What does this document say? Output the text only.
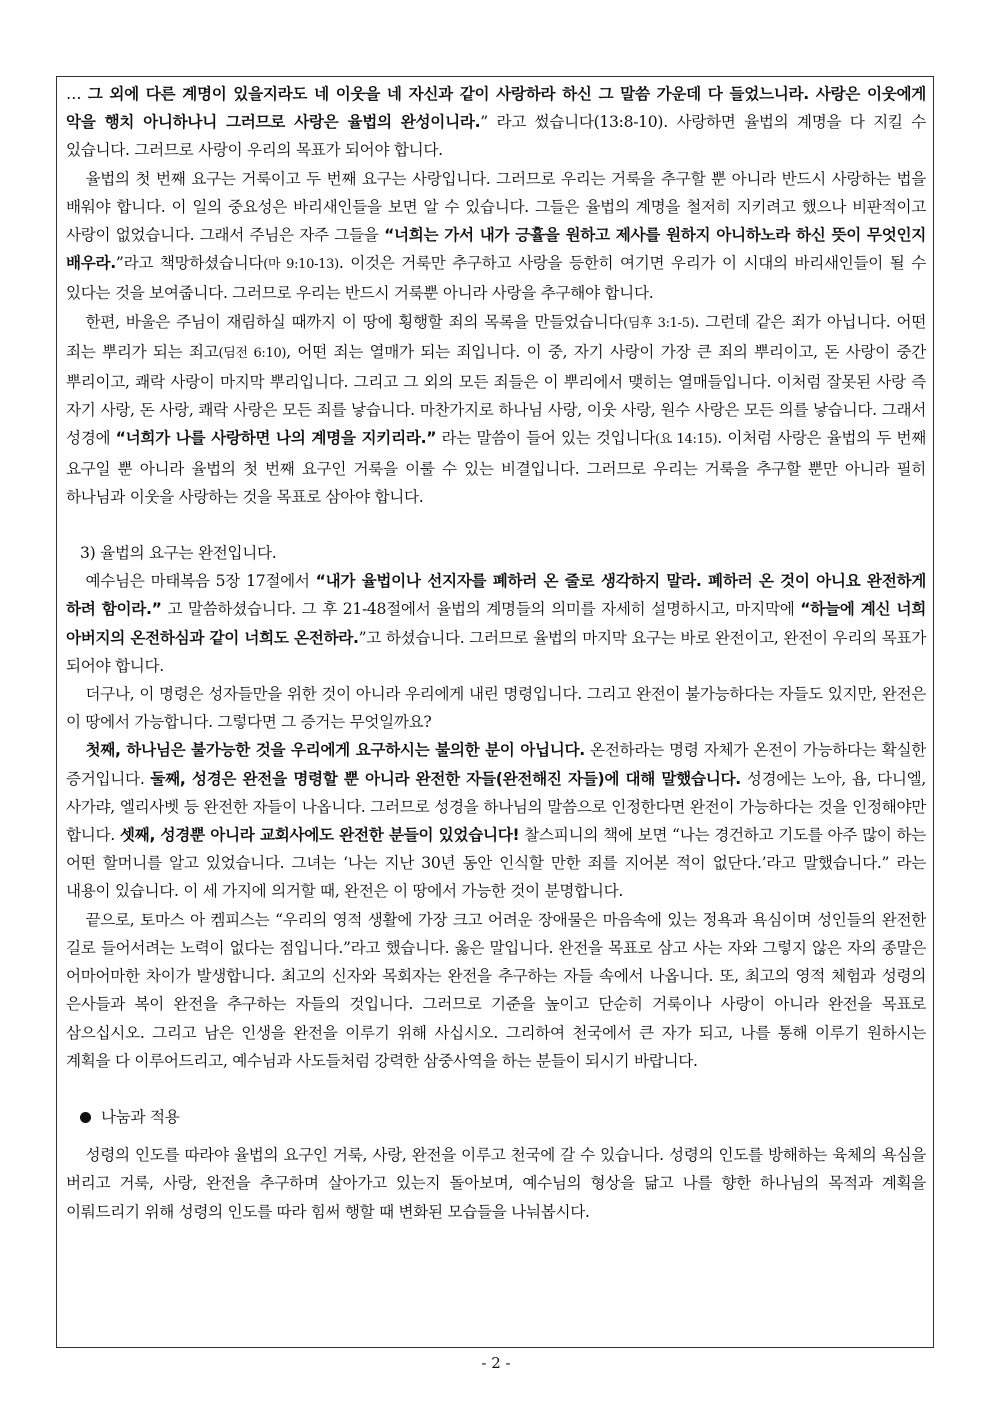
… 그 외에 다른 계명이 있을지라도 네 이웃을 네 자신과 같이 사랑하라 하신 그 말씀 가운데 다 들었느니라. 사랑은 이웃에게 악을 행치 아니하나니 그러므로 사랑은 율법의 완성이니라.” 라고 썼습니다(13:8-10). 사랑하면 율법의 계명을 다 지킬 수 있습니다. 그러므로 사랑이 우리의 목표가 되어야 합니다.

율법의 첫 번째 요구는 거룩이고 두 번째 요구는 사랑입니다. 그러므로 우리는 거룩을 추구할 뿐 아니라 반드시 사랑하는 법을 배워야 합니다. 이 일의 중요성은 바리새인들을 보면 알 수 있습니다. 그들은 율법의 계명을 철저히 지키려고 했으나 비판적이고 사랑이 없었습니다. 그래서 주님은 자주 그들을 “너희는 가서 내가 긍휼을 원하고 제사를 원하지 아니하노라 하신 뜻이 무엇인지 배우라.”라고 책망하셨습니다(마 9:10-13). 이것은 거룩만 추구하고 사랑을 등한히 여기면 우리가 이 시대의 바리새인들이 될 수 있다는 것을 보여줍니다. 그러므로 우리는 반드시 거룩뿐 아니라 사랑을 추구해야 합니다.

한편, 바울은 주님이 재림하실 때까지 이 땅에 횡행할 죄의 목록을 만들었습니다(딤후 3:1-5). 그런데 같은 죄가 아닙니다. 어떤 죄는 뿌리가 되는 죄고(딤전 6:10), 어떤 죄는 열매가 되는 죄입니다. 이 중, 자기 사랑이 가장 큰 죄의 뿌리이고, 돈 사랑이 중간 뿌리이고, 쾌락 사랑이 마지막 뿌리입니다. 그리고 그 외의 모든 죄들은 이 뿌리에서 맺히는 열매들입니다. 이처럼 잘못된 사랑 즉 자기 사랑, 돈 사랑, 쾌락 사랑은 모든 죄를 낳습니다. 마찬가지로 하나님 사랑, 이웃 사랑, 원수 사랑은 모든 의를 낳습니다. 그래서 성경에 “너희가 나를 사랑하면 나의 계명을 지키리라.” 라는 말씀이 들어 있는 것입니다(요 14:15). 이처럼 사랑은 율법의 두 번째 요구일 뿐 아니라 율법의 첫 번째 요구인 거룩을 이룰 수 있는 비결입니다. 그러므로 우리는 거룩을 추구할 뿐만 아니라 필히 하나님과 이웃을 사랑하는 것을 목표로 삼아야 합니다.

3) 율법의 요구는 완전입니다.

예수님은 마태복음 5장 17절에서 “내가 율법이나 선지자를 폐하러 온 줄로 생각하지 말라. 폐하러 온 것이 아니요 완전하게 하려 함이라.” 고 말씀하셨습니다. 그 후 21-48절에서 율법의 계명들의 의미를 자세히 설명하시고, 마지막에 “하늘에 계신 너희 아버지의 온전하심과 같이 너희도 온전하라.”고 하셨습니다. 그러므로 율법의 마지막 요구는 바로 완전이고, 완전이 우리의 목표가 되어야 합니다.

더구나, 이 명령은 성자들만을 위한 것이 아니라 우리에게 내린 명령입니다. 그리고 완전이 불가능하다는 자들도 있지만, 완전은 이 땅에서 가능합니다. 그렇다면 그 증거는 무엇일까요?

첫째, 하나님은 불가능한 것을 우리에게 요구하시는 불의한 분이 아닙니다. 온전하라는 명령 자체가 온전이 가능하다는 확실한 증거입니다. 둘째, 성경은 완전을 명령할 뿐 아니라 완전한 자들(완전해진 자들)에 대해 말했습니다. 성경에는 노아, 욥, 다니엘, 사가랴, 엘리사벳 등 완전한 자들이 나옵니다. 그러므로 성경을 하나님의 말씀으로 인정한다면 완전이 가능하다는 것을 인정해야만 합니다. 셋째, 성경뿐 아니라 교회사에도 완전한 분들이 있었습니다! 찰스피니의 책에 보면 “나는 경건하고 기도를 아주 많이 하는 어떤 할머니를 알고 있었습니다. 그녀는 ‘나는 지난 30년 동안 인식할 만한 죄를 지어본 적이 없단다.’라고 말했습니다.” 라는 내용이 있습니다. 이 세 가지에 의거할 때, 완전은 이 땅에서 가능한 것이 분명합니다.

끝으로, 토마스 아 켐피스는 “우리의 영적 생활에 가장 크고 어려운 장애물은 마음속에 있는 정욕과 욕심이며 성인들의 완전한 길로 들어서려는 노력이 없다는 점입니다.”라고 했습니다. 옳은 말입니다. 완전을 목표로 삼고 사는 자와 그렇지 않은 자의 종말은 어마어마한 차이가 발생합니다. 최고의 신자와 목회자는 완전을 추구하는 자들 속에서 나옵니다. 또, 최고의 영적 체험과 성령의 은사들과 복이 완전을 추구하는 자들의 것입니다. 그러므로 기준을 높이고 단순히 거룩이나 사랑이 아니라 완전을 목표로 삼으십시오. 그리고 남은 인생을 완전을 이루기 위해 사십시오. 그리하여 천국에서 큰 자가 되고, 나를 통해 이루기 원하시는 계획을 다 이루어드리고, 예수님과 사도들처럼 강력한 삼중사역을 하는 분들이 되시기 바랍니다.

나눔과 적용

성령의 인도를 따라야 율법의 요구인 거룩, 사랑, 완전을 이루고 천국에 갈 수 있습니다. 성령의 인도를 방해하는 육체의 욕심을 버리고 거룩, 사랑, 완전을 추구하며 살아가고 있는지 돌아보며, 예수님의 형상을 닮고 나를 향한 하나님의 목적과 계획을 이뤄드리기 위해 성령의 인도를 따라 힘써 행할 때 변화된 모습들을 나눠봅시다.

- 2 -
